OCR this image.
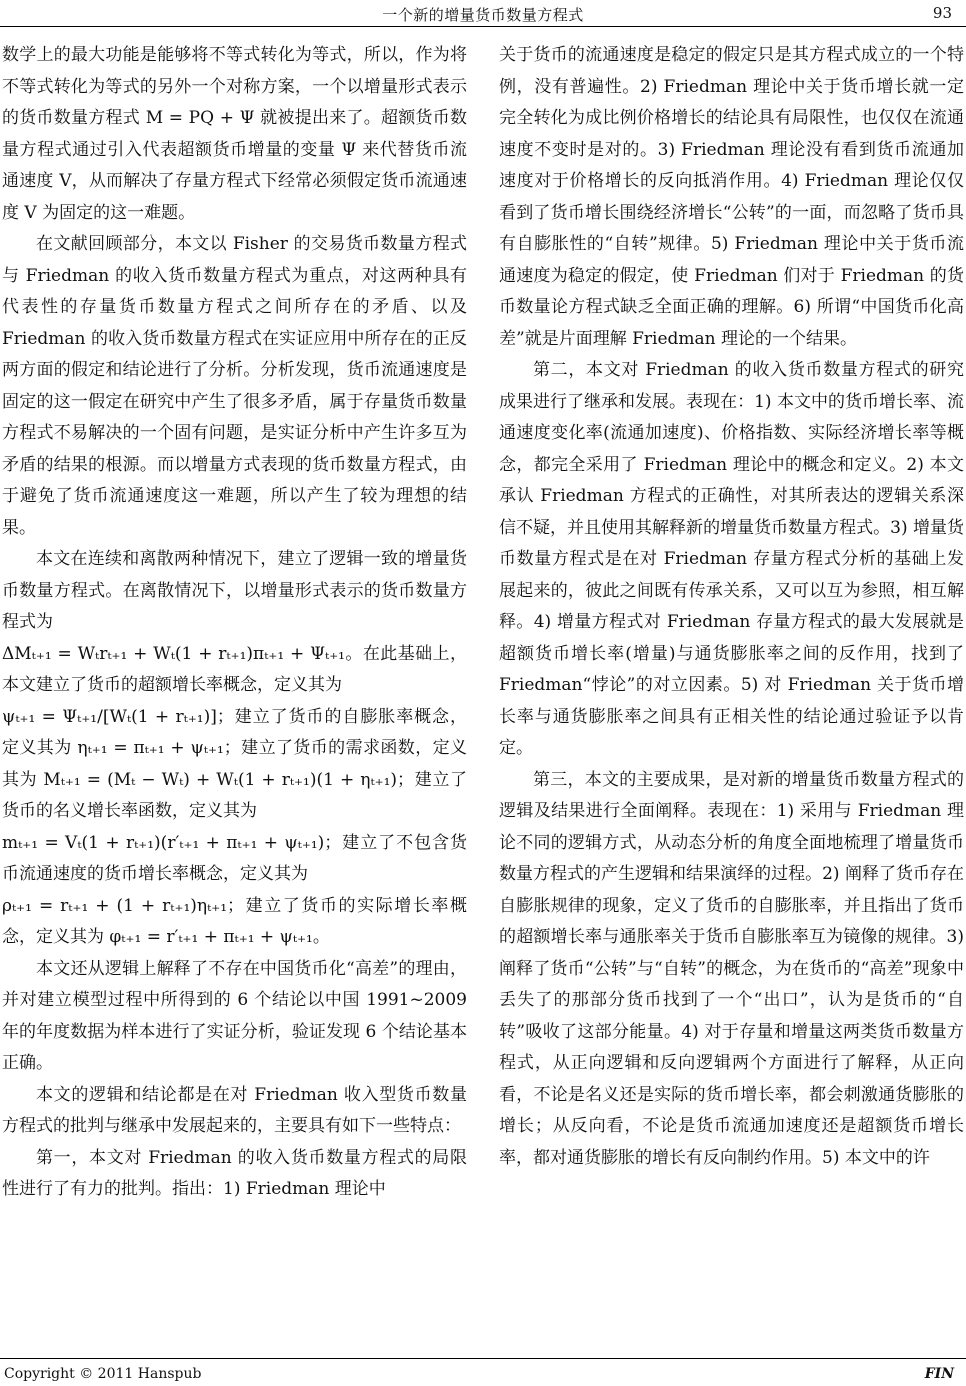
一个新的增量货币数量方程式	93

数学上的最大功能是能够将不等式转化为等式，所以，作为将不等式转化为等式的另外一个对称方案，一个以增量形式表示的货币数量方程式 M = PQ + Ψ 就被提出来了。超额货币数量方程式通过引入代表超额货币增量的变量 Ψ 来代替货币流通速度 V，从而解决了存量方程式下经常必须假定货币流通速度 V 为固定的这一难题。

在文献回顾部分，本文以 Fisher 的交易货币数量方程式与 Friedman 的收入货币数量方程式为重点，对这两种具有代表性的存量货币数量方程式之间所存在的矛盾、以及 Friedman 的收入货币数量方程式在实证应用中所存在的正反两方面的假定和结论进行了分析。分析发现，货币流通速度是固定的这一假定在研究中产生了很多矛盾，属于存量货币数量方程式不易解决的一个固有问题，是实证分析中产生许多互为矛盾的结果的根源。而以增量方式表现的货币数量方程式，由于避免了货币流通速度这一难题，所以产生了较为理想的结果。

本文在连续和离散两种情况下，建立了逻辑一致的增量货币数量方程式。在离散情况下，以增量形式表示的货币数量方程式为

ΔMₜ₊₁ = Wₜrₜ₊₁ + Wₜ(1 + rₜ₊₁)πₜ₊₁ + Ψₜ₊₁。在此基础上，本文建立了货币的超额增长率概念，定义其为

ψₜ₊₁ = Ψₜ₊₁/[Wₜ(1 + rₜ₊₁)]；建立了货币的自膨胀率概念，定义其为 ηₜ₊₁ = πₜ₊₁ + ψₜ₊₁；建立了货币的需求函数，定义其为 Mₜ₊₁ = (Mₜ − Wₜ) + Wₜ(1 + rₜ₊₁)(1 + ηₜ₊₁)；建立了货币的名义增长率函数，定义其为

mₜ₊₁ = Vₜ(1 + rₜ₊₁)(r′ₜ₊₁ + πₜ₊₁ + ψₜ₊₁)；建立了不包含货币流通速度的货币增长率概念，定义其为

ρₜ₊₁ = rₜ₊₁ + (1 + rₜ₊₁)ηₜ₊₁；建立了货币的实际增长率概念，定义其为 φₜ₊₁ = r′ₜ₊₁ + πₜ₊₁ + ψₜ₊₁。

本文还从逻辑上解释了不存在中国货币化“高差”的理由，并对建立模型过程中所得到的 6 个结论以中国 1991~2009 年的年度数据为样本进行了实证分析，验证发现 6 个结论基本正确。

本文的逻辑和结论都是在对 Friedman 收入型货币数量方程式的批判与继承中发展起来的，主要具有如下一些特点：

第一，本文对 Friedman 的收入货币数量方程式的局限性进行了有力的批判。指出：1) Friedman 理论中

关于货币的流通速度是稳定的假定只是其方程式成立的一个特例，没有普遍性。2) Friedman 理论中关于货币增长就一定完全转化为成比例价格增长的结论具有局限性，也仅仅在流通速度不变时是对的。3) Friedman 理论没有看到货币流通加速度对于价格增长的反向抵消作用。4) Friedman 理论仅仅看到了货币增长围绕经济增长“公转”的一面，而忽略了货币具有自膨胀性的“自转”规律。5) Friedman 理论中关于货币流通速度为稳定的假定，使 Friedman 们对于 Friedman 的货币数量论方程式缺乏全面正确的理解。6) 所谓“中国货币化高差”就是片面理解 Friedman 理论的一个结果。

第二，本文对 Friedman 的收入货币数量方程式的研究成果进行了继承和发展。表现在：1) 本文中的货币增长率、流通速度变化率(流通加速度)、价格指数、实际经济增长率等概念，都完全采用了 Friedman 理论中的概念和定义。2) 本文承认 Friedman 方程式的正确性，对其所表达的逻辑关系深信不疑，并且使用其解释新的增量货币数量方程式。3) 增量货币数量方程式是在对 Friedman 存量方程式分析的基础上发展起来的，彼此之间既有传承关系，又可以互为参照，相互解释。4) 增量方程式对 Friedman 存量方程式的最大发展就是超额货币增长率(增量)与通货膨胀率之间的反作用，找到了 Friedman“悖论”的对立因素。5) 对 Friedman 关于货币增长率与通货膨胀率之间具有正相关性的结论通过验证予以肯定。

第三，本文的主要成果，是对新的增量货币数量方程式的逻辑及结果进行全面阐释。表现在：1) 采用与 Friedman 理论不同的逻辑方式，从动态分析的角度全面地梳理了增量货币数量方程式的产生逻辑和结果演绎的过程。2) 阐释了货币存在自膨胀规律的现象，定义了货币的自膨胀率，并且指出了货币的超额增长率与通胀率关于货币自膨胀率互为镜像的规律。3) 阐释了货币“公转”与“自转”的概念，为在货币的“高差”现象中丢失了的那部分货币找到了一个“出口”，认为是货币的“自转”吸收了这部分能量。4) 对于存量和增量这两类货币数量方程式，从正向逻辑和反向逻辑两个方面进行了解释，从正向看，不论是名义还是实际的货币增长率，都会刺激通货膨胀的增长；从反向看，不论是货币流通加速度还是超额货币增长率，都对通货膨胀的增长有反向制约作用。5) 本文中的许

Copyright © 2011 Hanspub	FIN
